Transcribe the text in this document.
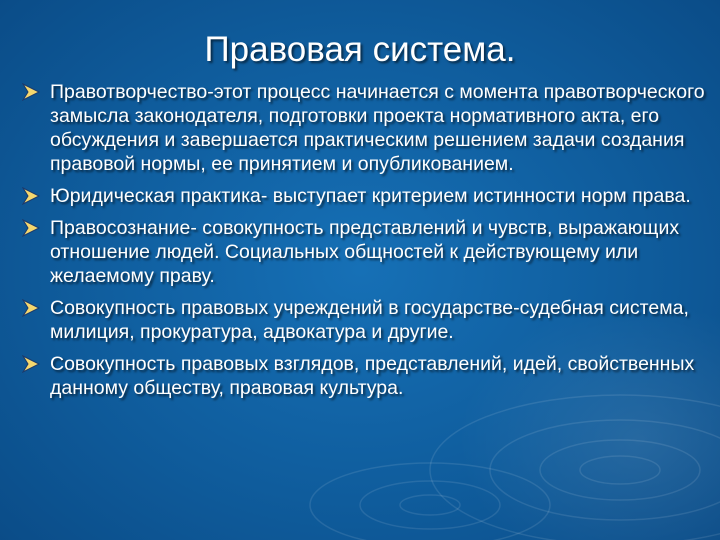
Правовая система.
Правотворчество-этот процесс начинается с момента правотворческого замысла законодателя, подготовки проекта нормативного акта, его обсуждения и завершается практическим решением задачи создания правовой нормы, ее принятием и опубликованием.
Юридическая практика- выступает критерием истинности норм права.
Правосознание- совокупность представлений и чувств, выражающих отношение людей. Социальных общностей к действующему или желаемому праву.
Совокупность правовых учреждений в государстве-судебная система, милиция, прокуратура, адвокатура и другие.
Совокупность правовых взглядов, представлений, идей, свойственных данному обществу, правовая культура.
